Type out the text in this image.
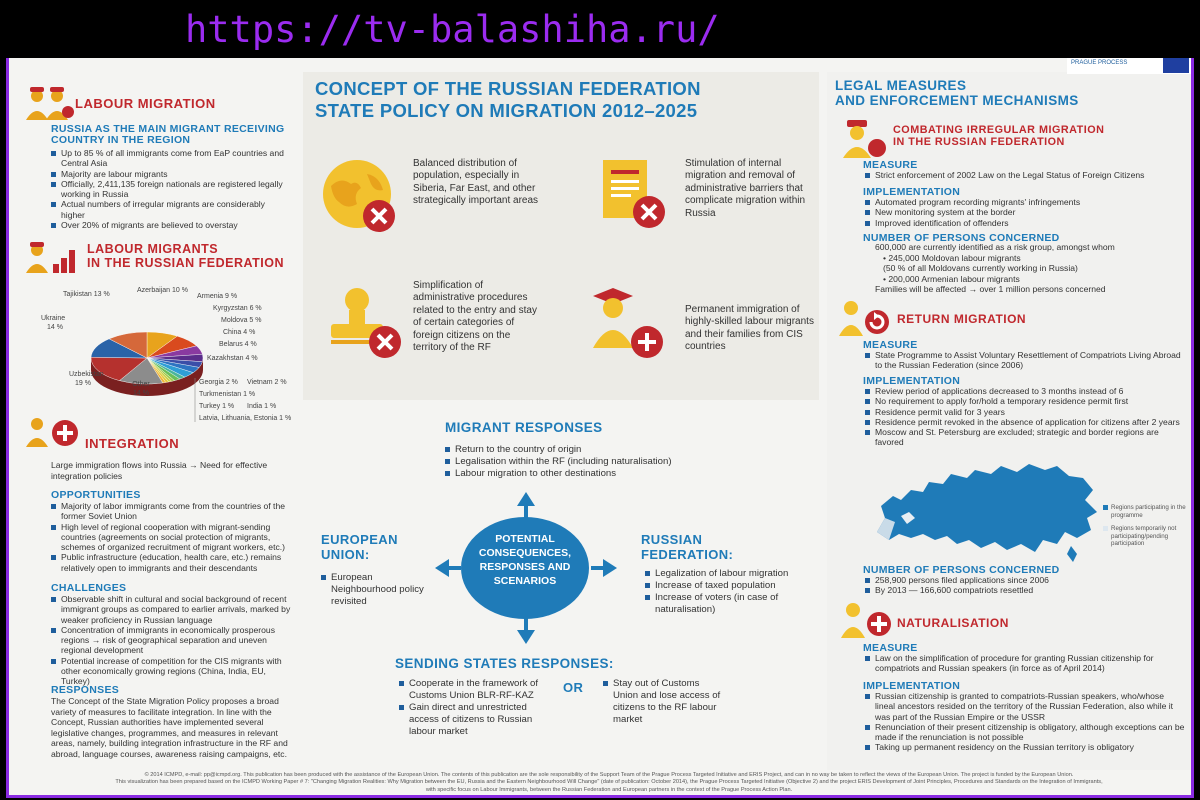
https://tv-balashiha.ru/
LABOUR MIGRATION
RUSSIA AS THE MAIN MIGRANT RECEIVING
COUNTRY IN THE REGION
Up to 85 % of all immigrants come from EaP countries and Central Asia
Majority are labour migrants
Officially, 2,411,135 foreign nationals are registered legally working in Russia
Actual numbers of irregular migrants are considerably higher
Over 20% of migrants are believed to overstay
LABOUR MIGRANTS
IN THE RUSSIAN FEDERATION
Azerbaijan 10 %
Armenia 9 %
Kyrgyzstan 6 %
Moldova 5 %
China 4 %
Belarus 4 %
Kazakhstan 4 %
Georgia 2 % Vietnam 2 %
Turkmenistan 1 %
Turkey 1 % India 1 %
Latvia, Lithuania, Estonia 1 %
Other
14 %
Uzbekistan
19 %
Ukraine
14 %
Tajikistan 13 %
INTEGRATION
Large immigration flows into Russia → Need for effective integration policies
OPPORTUNITIES
Majority of labor immigrants come from the countries of the former Soviet Union
High level of regional cooperation with migrant-sending countries (agreements on social protection of migrants, schemes of organized recruitment of migrant workers, etc.)
Public infrastructure (education, health care, etc.) remains relatively open to immigrants and their descendants
CHALLENGES
Observable shift in cultural and social background of recent immigrant groups as compared to earlier arrivals, marked by weaker proficiency in Russian language
Concentration of immigrants in economically prosperous regions → risk of geographical separation and uneven regional development
Potential increase of competition for the CIS migrants with other economically growing regions (China, India, EU, Turkey)
RESPONSES
The Concept of the State Migration Policy proposes a broad variety of measures to facilitate integration. In line with the Concept, Russian authorities have implemented several legislative changes, programmes, and measures in relevant areas, namely, building integration infrastructure in the RF and abroad, language courses, awareness raising campaigns, etc.
CONCEPT OF THE RUSSIAN FEDERATION
STATE POLICY ON MIGRATION 2012–2025
Balanced distribution of population, especially in Siberia, Far East, and other strategically important areas
Stimulation of internal migration and removal of administrative barriers that complicate migration within Russia
Simplification of administrative procedures related to the entry and stay of certain categories of foreign citizens on the territory of the RF
Permanent immigration of highly-skilled labour migrants and their families from CIS countries
MIGRANT RESPONSES
Return to the country of origin
Legalisation within the RF (including naturalisation)
Labour migration to other destinations
POTENTIAL
CONSEQUENCES,
RESPONSES AND
SCENARIOS
EUROPEAN
UNION:
European Neighbourhood policy revisited
RUSSIAN
FEDERATION:
Legalization of labour migration
Increase of taxed population
Increase of voters (in case of naturalisation)
SENDING STATES RESPONSES:
Cooperate in the framework of Customs Union BLR-RF-KAZ
Gain direct and unrestricted access of citizens to Russian labour market
OR	Stay out of Customs Union and lose access of citizens to the RF labour market
PRAGUE PROCESS
LEGAL MEASURES
AND ENFORCEMENT MECHANISMS
COMBATING IRREGULAR MIGRATION
IN THE RUSSIAN FEDERATION
MEASURE
Strict enforcement of 2002 Law on the Legal Status of Foreign Citizens
IMPLEMENTATION
Automated program recording migrants' infringements
New monitoring system at the border
Improved identification of offenders
NUMBER OF PERSONS CONCERNED
600,000 are currently identified as a risk group, amongst whom
• 245,000 Moldovan labour migrants
(50 % of all Moldovans currently working in Russia)
• 200,000 Armenian labour migrants
Families will be affected → over 1 million persons concerned
RETURN MIGRATION
MEASURE
State Programme to Assist Voluntary Resettlement of Compatriots Living Abroad to the Russian Federation (since 2006)
IMPLEMENTATION
Review period of applications decreased to 3 months instead of 6
No requirement to apply for/hold a temporary residence permit first
Residence permit valid for 3 years
Residence permit revoked in the absence of application for citizens after 2 years
Moscow and St. Petersburg are excluded; strategic and border regions are favored
Regions participating in the programme
Regions temporarily not participating/pending participation
NUMBER OF PERSONS CONCERNED
258,900 persons filed applications since 2006
By 2013 — 166,600 compatriots resettled
NATURALISATION
MEASURE
Law on the simplification of procedure for granting Russian citizenship for compatriots and Russian speakers (in force as of April 2014)
IMPLEMENTATION
Russian citizenship is granted to compatriots-Russian speakers, who/whose lineal ancestors resided on the territory of the Russian Federation, also while it was part of the Russian Empire or the USSR
Renunciation of their present citizenship is obligatory, although exceptions can be made if the renunciation is not possible
Taking up permanent residency on the Russian territory is obligatory
© 2014 ICMPD, e-mail: pp@icmpd.org. This publication has been produced with the assistance of the European Union. The contents of this publication are the sole responsibility of the Support Team of the Prague Process Targeted Initiative and ERIS Project, and can in no way be taken to reflect the views of the European Union. The project is funded by the European Union.
This visualization has been prepared based on the ICMPD Working Paper # 7: "Changing Migration Realities: Why Migration between the EU, Russia and the Eastern Neighbourhood Will Change" (date of publication: October 2014), the Prague Process Targeted Initiative (Objective 2) and the project ERIS Development of Joint Principles, Procedures and Standards on the Integration of Immigrants,
with specific focus on Labour Immigrants, between the Russian Federation and European partners in the context of the Prague Process Action Plan.
